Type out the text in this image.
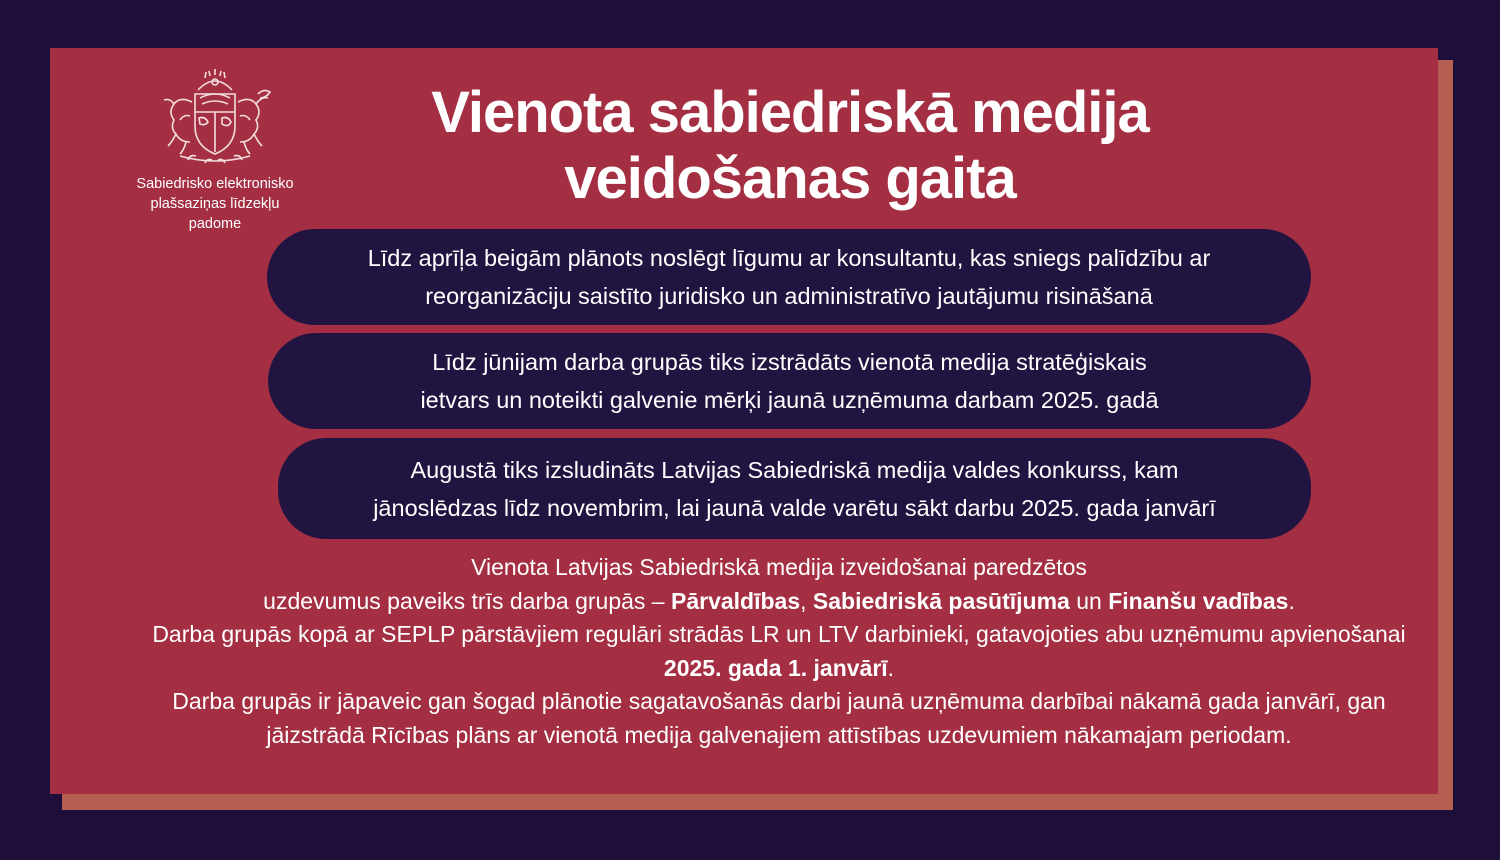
Sabiedrisko elektronisko
plašsaziņas līdzekļu
padome
Vienota sabiedriskā medija
veidošanas gaita
Līdz aprīļa beigām plānots noslēgt līgumu ar konsultantu, kas sniegs palīdzību ar
reorganizāciju saistīto juridisko un administratīvo jautājumu risināšanā
Līdz jūnijam darba grupās tiks izstrādāts vienotā medija stratēģiskais
ietvars un noteikti galvenie mērķi jaunā uzņēmuma darbam 2025. gadā
Augustā tiks izsludināts Latvijas Sabiedriskā medija valdes konkurss, kam
jānoslēdzas līdz novembrim, lai jaunā valde varētu sākt darbu 2025. gada janvārī
Vienota Latvijas Sabiedriskā medija izveidošanai paredzētos
uzdevumus paveiks trīs darba grupās – Pārvaldības, Sabiedriskā pasūtījuma un Finanšu vadības.
Darba grupās kopā ar SEPLP pārstāvjiem regulāri strādās LR un LTV darbinieki, gatavojoties abu uzņēmumu apvienošanai 2025. gada 1. janvārī.
Darba grupās ir jāpaveic gan šogad plānotie sagatavošanās darbi jaunā uzņēmuma darbībai nākamā gada janvārī, gan jāizstrādā Rīcības plāns ar vienotā medija galvenajiem attīstības uzdevumiem nākamajam periodam.
